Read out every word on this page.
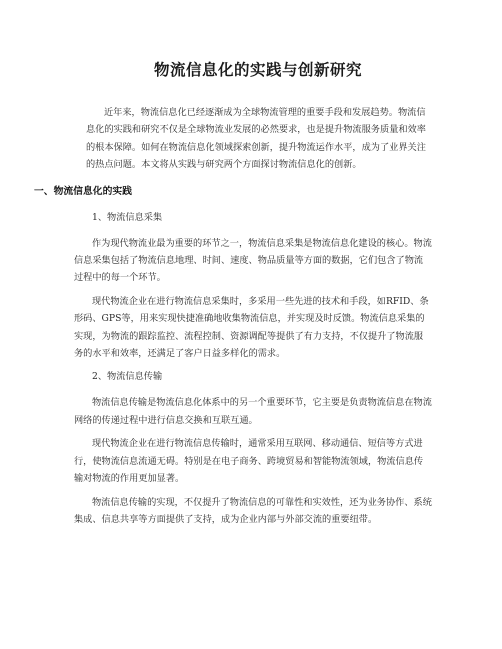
物流信息化的实践与创新研究

近年来，物流信息化已经逐渐成为全球物流管理的重要手段和发展趋势。物流信息化的实践和研究不仅是全球物流业发展的必然要求，也是提升物流服务质量和效率的根本保障。如何在物流信息化领域探索创新，提升物流运作水平，成为了业界关注的热点问题。本文将从实践与研究两个方面探讨物流信息化的创新。

一、物流信息化的实践
1、物流信息采集

作为现代物流业最为重要的环节之一，物流信息采集是物流信息化建设的核心。物流信息采集包括了物流信息地理、时间、速度、物品质量等方面的数据，它们包含了物流过程中的每一个环节。

现代物流企业在进行物流信息采集时，多采用一些先进的技术和手段，如RFID、条形码、GPS等，用来实现快捷准确地收集物流信息，并实现及时反馈。物流信息采集的实现，为物流的跟踪监控、流程控制、资源调配等提供了有力支持，不仅提升了物流服务的水平和效率，还满足了客户日益多样化的需求。

2、物流信息传输

物流信息传输是物流信息化体系中的另一个重要环节，它主要是负责物流信息在物流网络的传递过程中进行信息交换和互联互通。

现代物流企业在进行物流信息传输时，通常采用互联网、移动通信、短信等方式进行，使物流信息流通无碍。特别是在电子商务、跨境贸易和智能物流领域，物流信息传输对物流的作用更加显著。

物流信息传输的实现，不仅提升了物流信息的可靠性和实效性，还为业务协作、系统集成、信息共享等方面提供了支持，成为企业内部与外部交流的重要纽带。
